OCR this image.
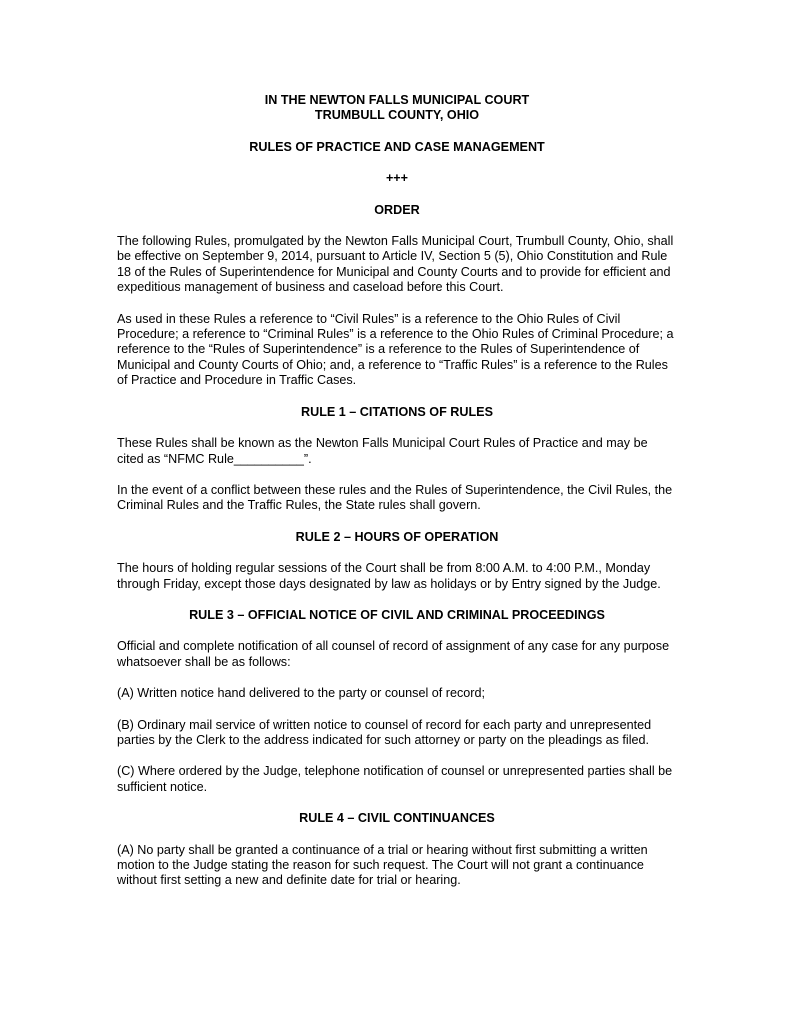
IN THE NEWTON FALLS MUNICIPAL COURT

TRUMBULL COUNTY, OHIO

RULES OF PRACTICE AND CASE MANAGEMENT

+++

ORDER

The following Rules, promulgated by the Newton Falls Municipal Court, Trumbull County, Ohio, shall be effective on September 9, 2014, pursuant to Article IV, Section 5 (5), Ohio Constitution and Rule 18 of the Rules of Superintendence for Municipal and County Courts and to provide for efficient and expeditious management of business and caseload before this Court.

As used in these Rules a reference to “Civil Rules” is a reference to the Ohio Rules of Civil Procedure; a reference to “Criminal Rules” is a reference to the Ohio Rules of Criminal Procedure; a reference to the “Rules of Superintendence” is a reference to the Rules of Superintendence of Municipal and County Courts of Ohio; and, a reference to “Traffic Rules” is a reference to the Rules of Practice and Procedure in Traffic Cases.

RULE 1 – CITATIONS OF RULES

These Rules shall be known as the Newton Falls Municipal Court Rules of Practice and may be cited as “NFMC Rule__________”.

In the event of a conflict between these rules and the Rules of Superintendence, the Civil Rules, the Criminal Rules and the Traffic Rules, the State rules shall govern.

RULE 2 – HOURS OF OPERATION

The hours of holding regular sessions of the Court shall be from 8:00 A.M. to 4:00 P.M., Monday through Friday, except those days designated by law as holidays or by Entry signed by the Judge.

RULE 3 – OFFICIAL NOTICE OF CIVIL AND CRIMINAL PROCEEDINGS

Official and complete notification of all counsel of record of assignment of any case for any purpose whatsoever shall be as follows:

(A) Written notice hand delivered to the party or counsel of record;

(B) Ordinary mail service of written notice to counsel of record for each party and unrepresented parties by the Clerk to the address indicated for such attorney or party on the pleadings as filed.

(C) Where ordered by the Judge, telephone notification of counsel or unrepresented parties shall be sufficient notice.

RULE 4 – CIVIL CONTINUANCES

(A) No party shall be granted a continuance of a trial or hearing without first submitting a written motion to the Judge stating the reason for such request. The Court will not grant a continuance without first setting a new and definite date for trial or hearing.
